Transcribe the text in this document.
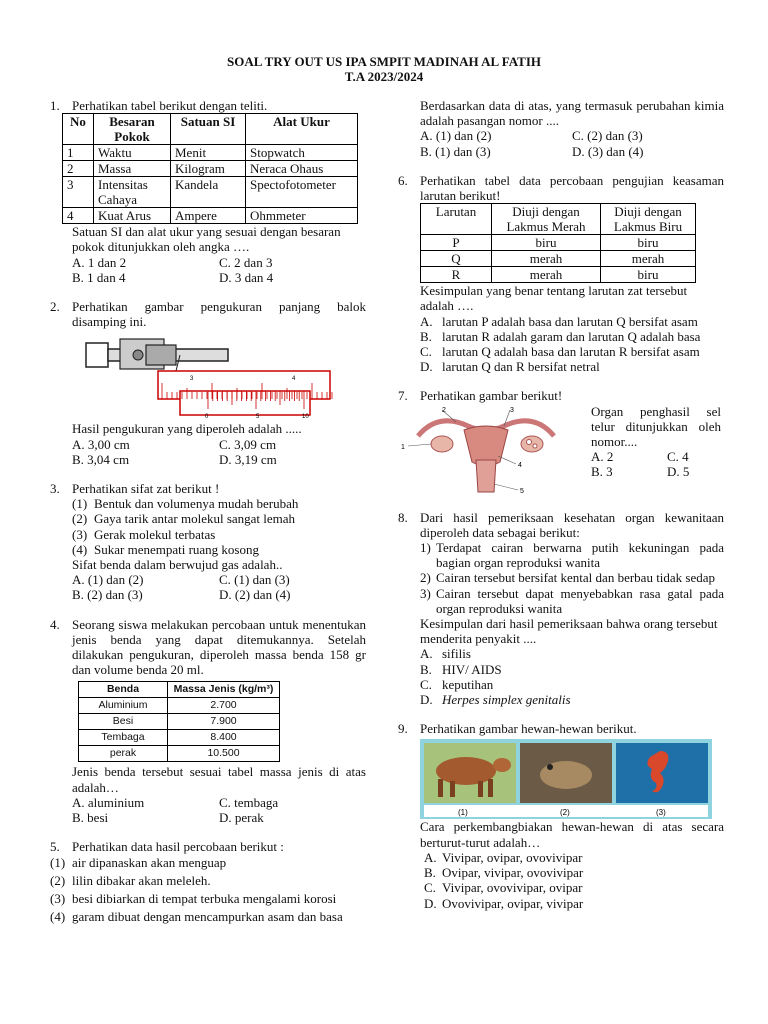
SOAL TRY OUT US IPA SMPIT MADINAH AL FATIH
T.A 2023/2024
1. Perhatikan tabel berikut dengan teliti.
No	Besaran Pokok	Satuan SI	Alat Ukur
1	Waktu	Menit	Stopwatch
2	Massa	Kilogram	Neraca Ohaus
3	Intensitas Cahaya	Kandela	Spectofotometer
4	Kuat Arus	Ampere	Ohmmeter
Satuan SI dan alat ukur yang sesuai dengan besaran pokok ditunjukkan oleh angka ….
A. 1 dan 2	C. 2 dan 3
B. 1 dan 4	D. 3 dan 4
2. Perhatikan gambar pengukuran panjang balok disamping ini.
3	4
0	5	10
Hasil pengukuran yang diperoleh adalah .....
A. 3,00 cm	C. 3,09 cm
B. 3,04 cm	D. 3,19 cm
3. Perhatikan sifat zat berikut !
(1) Bentuk dan volumenya mudah berubah
(2) Gaya tarik antar molekul sangat lemah
(3) Gerak molekul terbatas
(4) Sukar menempati ruang kosong
Sifat benda dalam berwujud gas adalah..
A. (1) dan (2)	C. (1) dan (3)
B. (2) dan (3)	D. (2) dan (4)
4. Seorang siswa melakukan percobaan untuk menentukan jenis benda yang dapat ditemukannya. Setelah dilakukan pengukuran, diperoleh massa benda 158 gr dan volume benda 20 ml.
Benda	Massa Jenis (kg/m³)
Aluminium	2.700
Besi	7.900
Tembaga	8.400
perak	10.500
Jenis benda tersebut sesuai tabel massa jenis di atas adalah…
A. aluminium	C. tembaga
B. besi	D. perak
5. Perhatikan data hasil percobaan berikut :
(1) air dipanaskan akan menguap
(2) lilin dibakar akan meleleh.
(3) besi dibiarkan di tempat terbuka mengalami korosi
(4) garam dibuat dengan mencampurkan asam dan basa
Berdasarkan data di atas, yang termasuk perubahan kimia adalah pasangan nomor ....
A. (1) dan (2)	C. (2) dan (3)
B. (1) dan (3)	D. (3) dan (4)
6. Perhatikan tabel data percobaan pengujian keasaman larutan berikut!
Larutan	Diuji dengan Lakmus Merah	Diuji dengan Lakmus Biru
P	biru	biru
Q	merah	merah
R	merah	biru
Kesimpulan yang benar tentang larutan zat tersebut adalah ….
A. larutan P adalah basa dan larutan Q bersifat asam
B. larutan R adalah garam dan larutan Q adalah basa
C. larutan Q adalah basa dan larutan R bersifat asam
D. larutan Q dan R bersifat netral
7. Perhatikan gambar berikut!
1
2	3
4
5
Organ penghasil sel telur ditunjukkan oleh nomor....
A. 2	C. 4
B. 3	D. 5
8. Dari hasil pemeriksaan kesehatan organ kewanitaan diperoleh data sebagai berikut:
1) Terdapat cairan berwarna putih kekuningan pada bagian organ reproduksi wanita
2) Cairan tersebut bersifat kental dan berbau tidak sedap
3) Cairan tersebut dapat menyebabkan rasa gatal pada organ reproduksi wanita
Kesimpulan dari hasil pemeriksaan bahwa orang tersebut menderita penyakit ....
A. sifilis
B. HIV/ AIDS
C. keputihan
D. Herpes simplex genitalis
9. Perhatikan gambar hewan-hewan berikut.
(1)	(2)	(3)
Cara perkembangbiakan hewan-hewan di atas secara berturut-turut adalah…
A. Vivipar, ovipar, ovovivipar
B. Ovipar, vivipar, ovovivipar
C. Vivipar, ovovivipar, ovipar
D. Ovovivipar, ovipar, vivipar
